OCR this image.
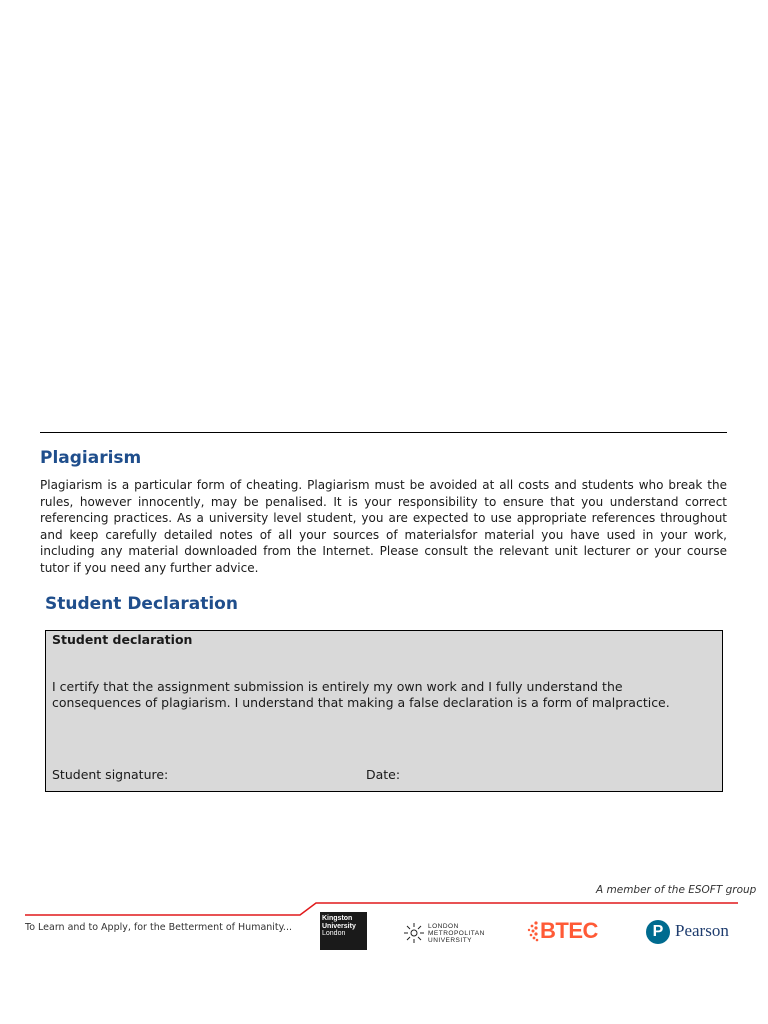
Plagiarism

Plagiarism is a particular form of cheating. Plagiarism must be avoided at all costs and students who break the rules, however innocently, may be penalised. It is your responsibility to ensure that you understand correct referencing practices. As a university level student, you are expected to use appropriate references throughout and keep carefully detailed notes of all your sources of materialsfor material you have used in your work, including any material downloaded from the Internet. Please consult the relevant unit lecturer or your course tutor if you need any further advice.

Student Declaration
Student declaration

I certify that the assignment submission is entirely my own work and I fully understand the consequences of plagiarism. I understand that making a false declaration is a form of malpractice.

Student signature:	Date:
A member of the ESOFT group
To Learn and to Apply, for the Betterment of Humanity...
Kingston
University
London
LONDON
METROPOLITAN
UNIVERSITY	BTEC	P Pearson
